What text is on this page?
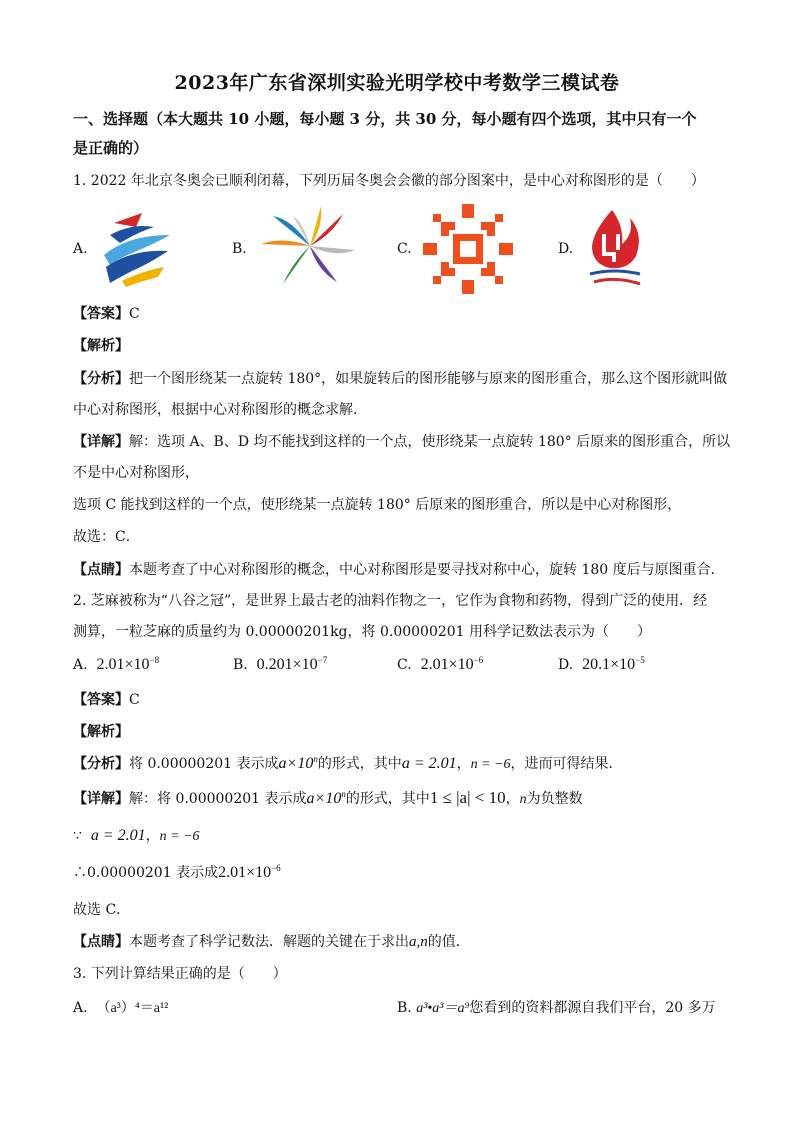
2023年广东省深圳实验光明学校中考数学三模试卷
一、选择题（本大题共 10 小题，每小题 3 分，共 30 分，每小题有四个选项，其中只有一个
是正确的）
1. 2022 年北京冬奥会已顺利闭幕，下列历届冬奥会会徽的部分图案中，是中心对称图形的是（　　）
A.	B.	C.	D.
【答案】C
【解析】
【分析】把一个图形绕某一点旋转 180°，如果旋转后的图形能够与原来的图形重合，那么这个图形就叫做
中心对称图形，根据中心对称图形的概念求解．
【详解】解：选项 A、B、D 均不能找到这样的一个点，使形绕某一点旋转 180° 后原来的图形重合，所以
不是中心对称图形，
选项 C 能找到这样的一个点，使形绕某一点旋转 180° 后原来的图形重合，所以是中心对称图形，
故选：C．
【点睛】本题考查了中心对称图形的概念，中心对称图形是要寻找对称中心，旋转 180 度后与原图重合．
2. 芝麻被称为“八谷之冠”，是世界上最古老的油料作物之一，它作为食物和药物，得到广泛的使用．经
测算，一粒芝麻的质量约为 0.00000201kg，将 0.00000201 用科学记数法表示为（　　）
A. $2.01\times 10^{-8}$	B. $0.201\times 10^{-7}$	C. $2.01\times 10^{-6}$	D. $20.1\times 10^{-5}$
【答案】C
【解析】
【分析】将 0.00000201 表示成$a\times 10^n$的形式，其中a = 2.01，n = −6，进而可得结果．
【详解】解：将 0.00000201 表示成$a\times 10^n$的形式，其中1 ≤ |a| < 10，n为负整数
∵ a = 2.01，n = −6
∴0.00000201 表示成$2.01\times 10^{-6}$
故选 C．
【点睛】本题考查了科学记数法．解题的关键在于求出a,n的值．
3. 下列计算结果正确的是（　　）
A. （a³）⁴＝a¹²	B. a³•a³＝a⁹您看到的资料都源自我们平台，20 多万
